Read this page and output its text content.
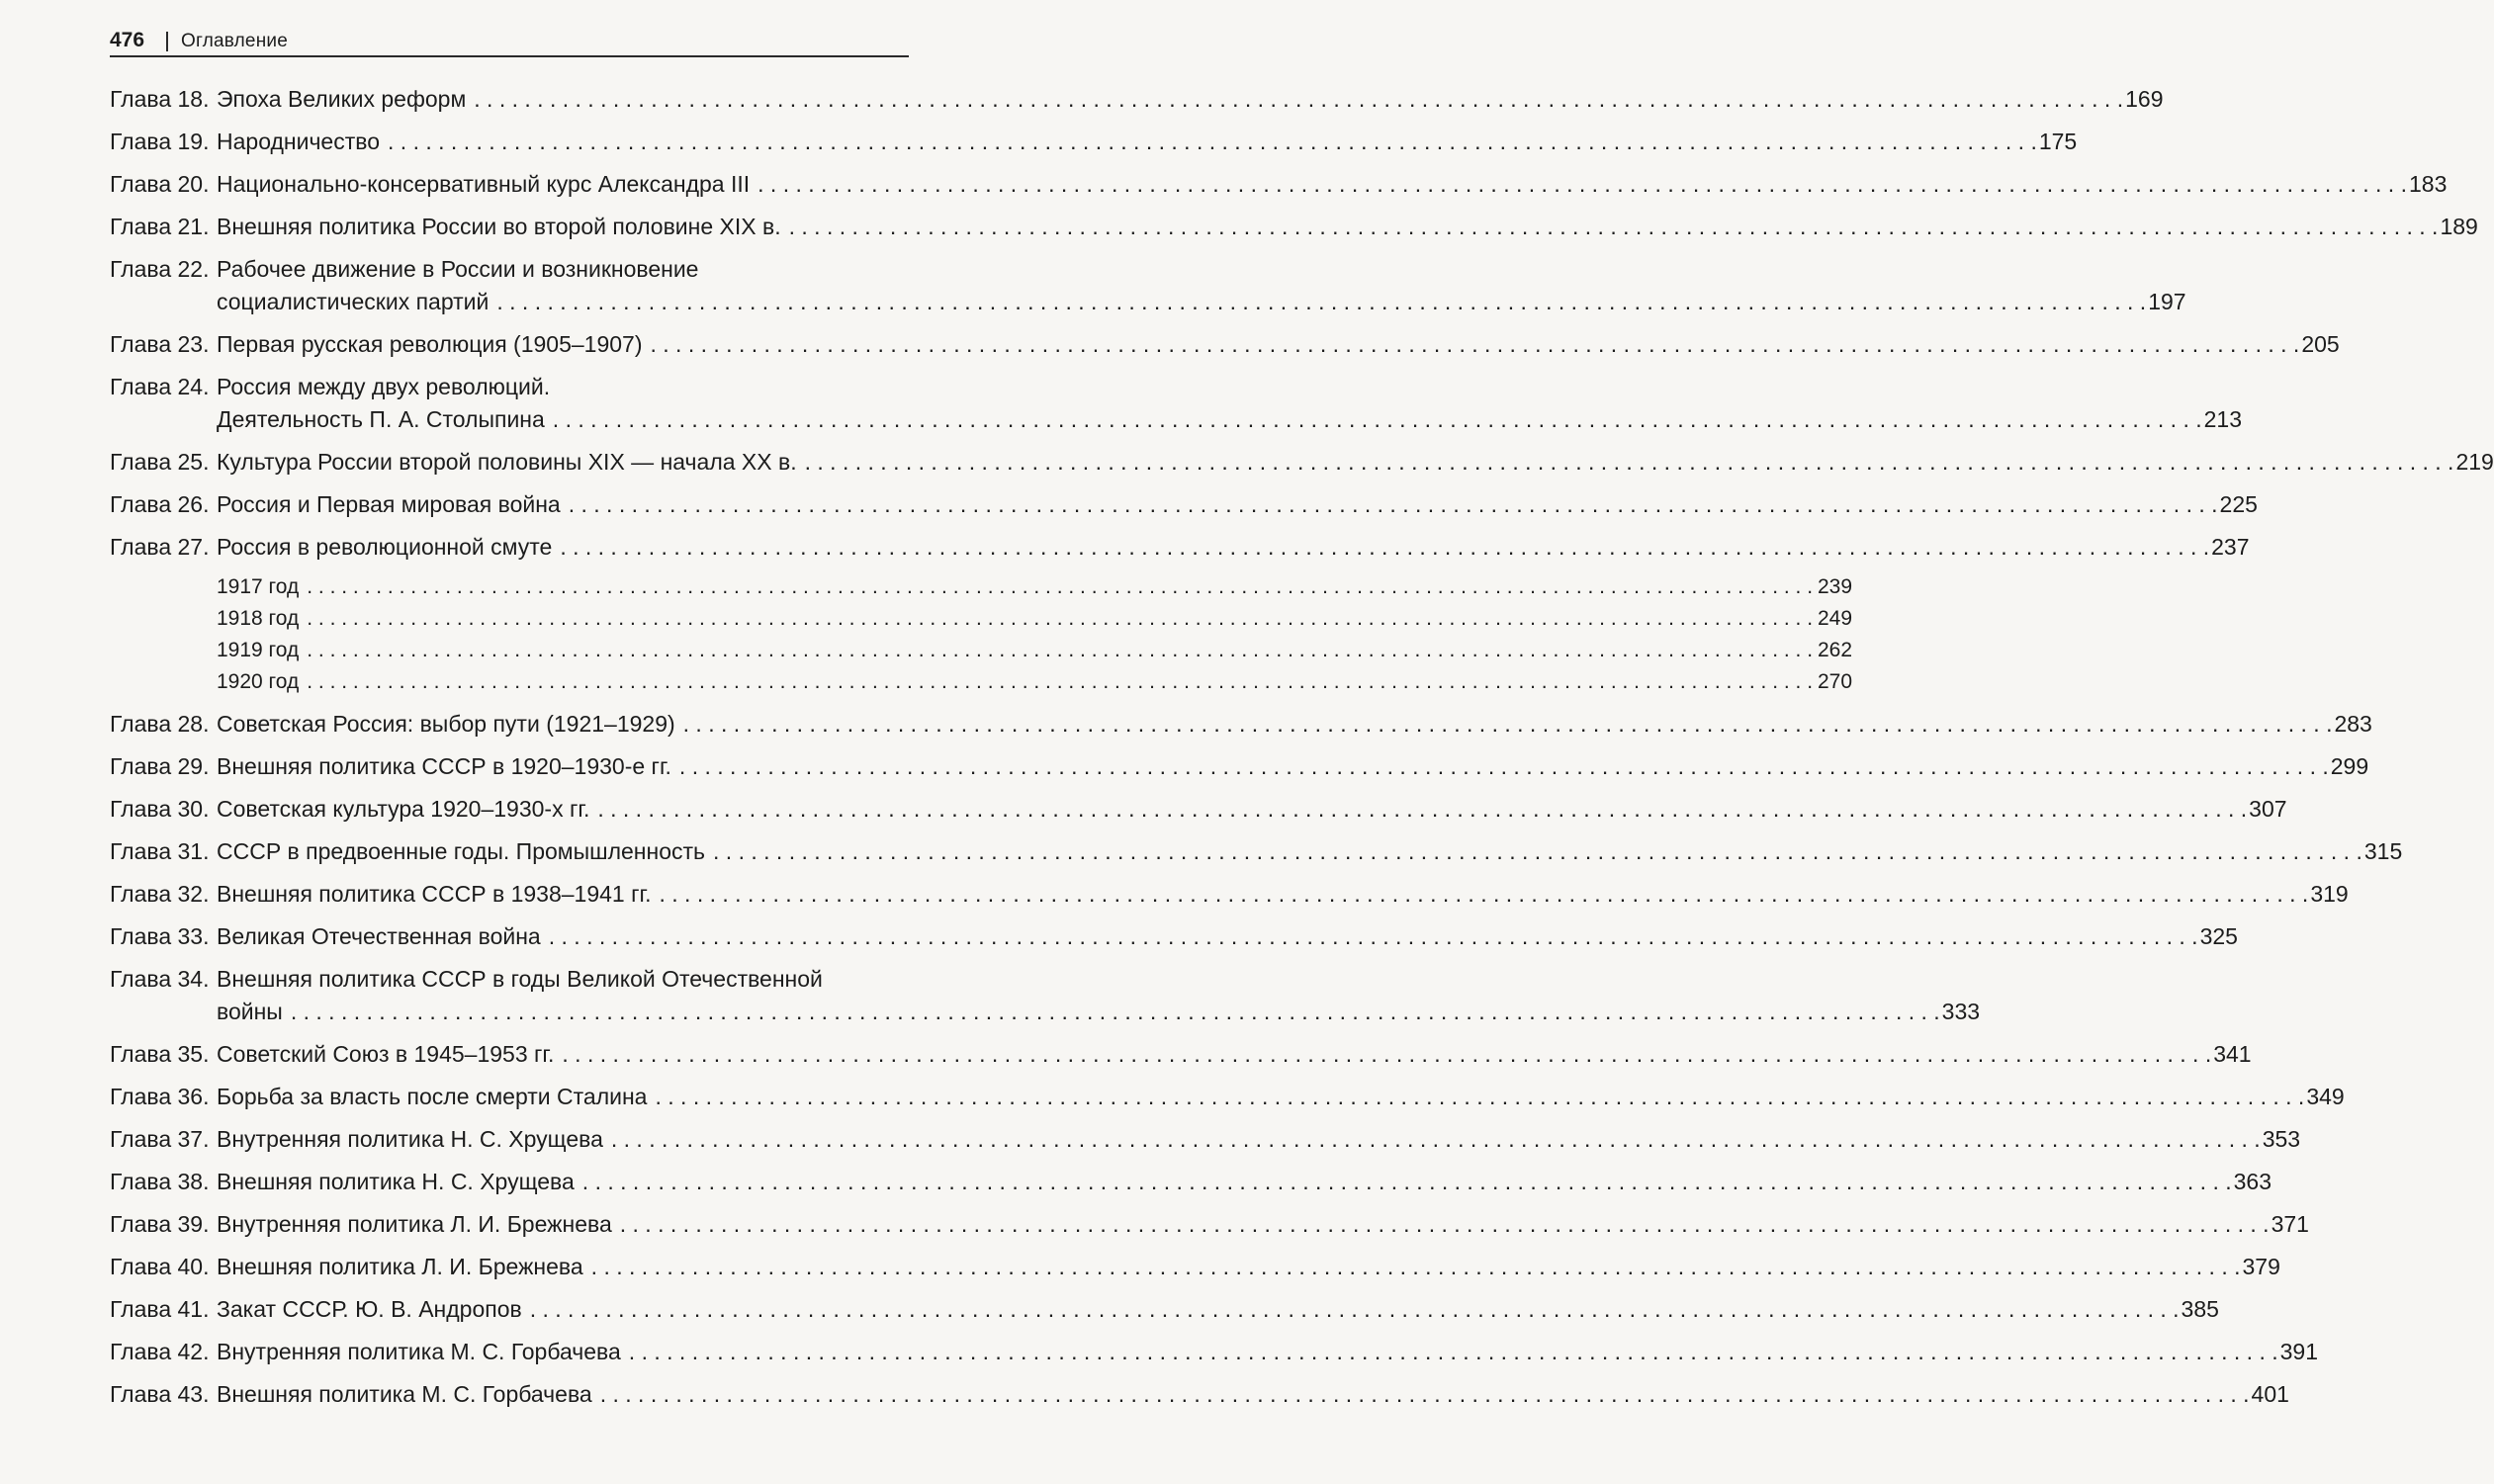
476 Оглавление
Глава 18. Эпоха Великих реформ . . .	169
Глава 19. Народничество . . .	175
Глава 20. Национально-консервативный курс Александра III . . .	183
Глава 21. Внешняя политика России во второй половине XIX в. . . .	189
Глава 22. Рабочее движение в России и возникновение
социалистических партий . . .	197
Глава 23. Первая русская революция (1905–1907) . . .	205
Глава 24. Россия между двух революций.
Деятельность П. А. Столыпина . . .	213
Глава 25. Культура России второй половины XIX — начала XX в. . . .	219
Глава 26. Россия и Первая мировая война . . .	225
Глава 27. Россия в революционной смуте . . .	237
1917 год . . .	239
1918 год . . .	249
1919 год . . .	262
1920 год . . .	270
Глава 28. Советская Россия: выбор пути (1921–1929) . . .	283
Глава 29. Внешняя политика СССР в 1920–1930-е гг. . . .	299
Глава 30. Советская культура 1920–1930-х гг. . . .	307
Глава 31. СССР в предвоенные годы. Промышленность . . .	315
Глава 32. Внешняя политика СССР в 1938–1941 гг. . . .	319
Глава 33. Великая Отечественная война . . .	325
Глава 34. Внешняя политика СССР в годы Великой Отечественной
войны . . .	333
Глава 35. Советский Союз в 1945–1953 гг. . . .	341
Глава 36. Борьба за власть после смерти Сталина . . .	349
Глава 37. Внутренняя политика Н. С. Хрущева . . .	353
Глава 38. Внешняя политика Н. С. Хрущева . . .	363
Глава 39. Внутренняя политика Л. И. Брежнева . . .	371
Глава 40. Внешняя политика Л. И. Брежнева . . .	379
Глава 41. Закат СССР. Ю. В. Андропов . . .	385
Глава 42. Внутренняя политика М. С. Горбачева . . .	391
Глава 43. Внешняя политика М. С. Горбачева . . .	401
